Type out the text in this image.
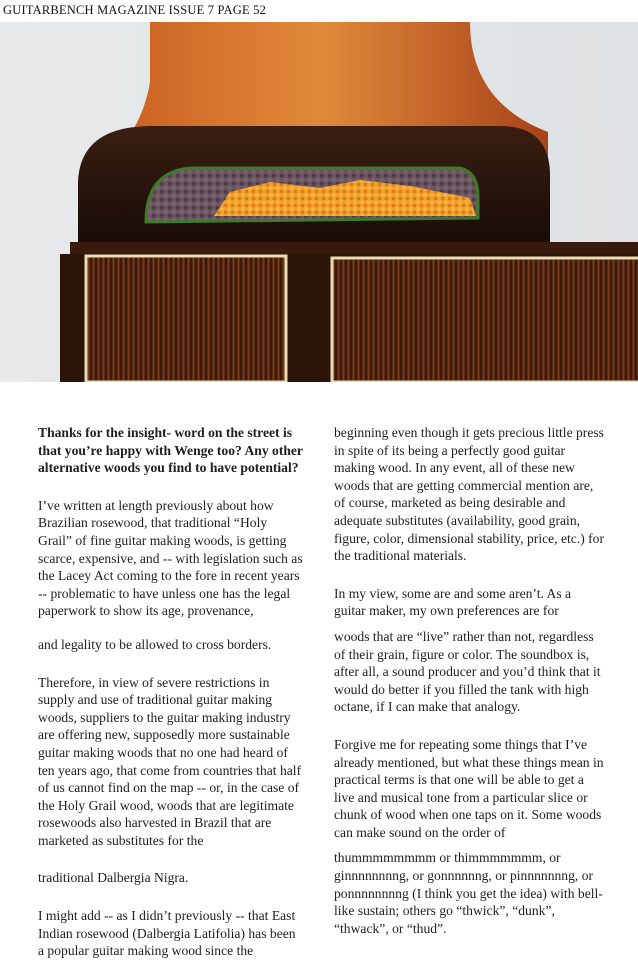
GUITARBENCH MAGAZINE ISSUE 7 PAGE 52

Thanks for the insight- word on the street is that you’re happy with Wenge too? Any other alternative woods you find to have potential?

I’ve written at length previously about how Brazilian rosewood, that traditional “Holy Grail” of fine guitar making woods, is getting scarce, expensive, and -- with legislation such as the Lacey Act coming to the fore in recent years -- problematic to have unless one has the legal paperwork to show its age, provenance,

and legality to be allowed to cross borders.

Therefore, in view of severe restrictions in supply and use of traditional guitar making woods, suppliers to the guitar making industry are offering new, supposedly more sustainable guitar making woods that no one had heard of ten years ago, that come from countries that half of us cannot find on the map -- or, in the case of the Holy Grail wood, woods that are legitimate rosewoods also harvested in Brazil that are marketed as substitutes for the

traditional Dalbergia Nigra.

I might add -- as I didn’t previously -- that East Indian rosewood (Dalbergia Latifolia) has been a popular guitar making wood since the

beginning even though it gets precious little press in spite of its being a perfectly good guitar making wood. In any event, all of these new woods that are getting commercial mention are, of course, marketed as being desirable and adequate substitutes (availability, good grain, figure, color, dimensional stability, price, etc.) for the traditional materials.

In my view, some are and some aren’t. As a guitar maker, my own preferences are for

woods that are “live” rather than not, regardless of their grain, figure or color. The soundbox is, after all, a sound producer and you’d think that it would do better if you filled the tank with high octane, if I can make that analogy.

Forgive me for repeating some things that I’ve already mentioned, but what these things mean in practical terms is that one will be able to get a live and musical tone from a particular slice or chunk of wood when one taps on it. Some woods can make sound on the order of

thummmmmmmm or thimmmmmmm, or ginnnnnnnng, or gonnnnnng, or pinnnnnnng, or ponnnnnnnng (I think you get the idea) with bell-like sustain; others go “thwick”, “dunk”, “thwack”, or “thud”.
